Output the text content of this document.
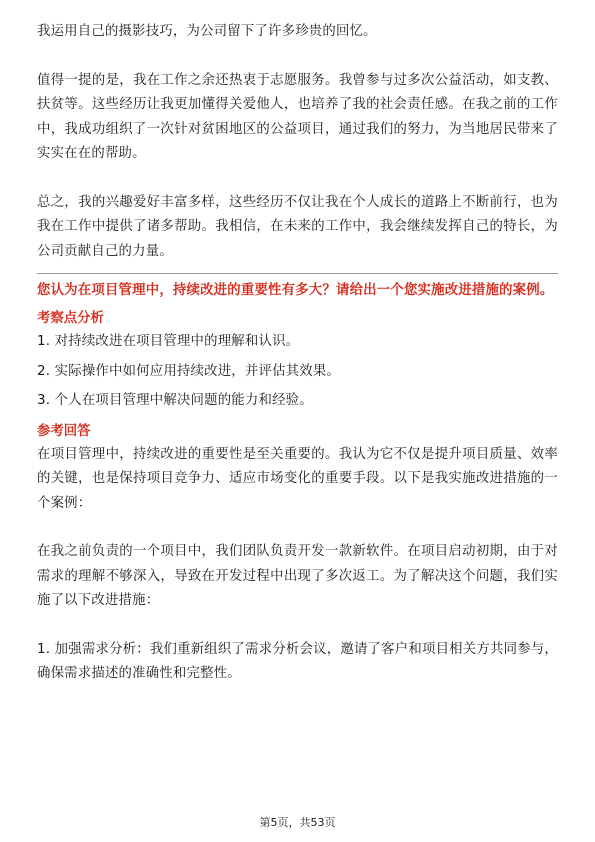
我运用自己的摄影技巧，为公司留下了许多珍贵的回忆。

值得一提的是，我在工作之余还热衷于志愿服务。我曾参与过多次公益活动，如支教、扶贫等。这些经历让我更加懂得关爱他人，也培养了我的社会责任感。在我之前的工作中，我成功组织了一次针对贫困地区的公益项目，通过我们的努力，为当地居民带来了实实在在的帮助。

总之，我的兴趣爱好丰富多样，这些经历不仅让我在个人成长的道路上不断前行，也为我在工作中提供了诸多帮助。我相信，在未来的工作中，我会继续发挥自己的特长，为公司贡献自己的力量。

您认为在项目管理中，持续改进的重要性有多大？请给出一个您实施改进措施的案例。
考察点分析
1. 对持续改进在项目管理中的理解和认识。
2. 实际操作中如何应用持续改进，并评估其效果。
3. 个人在项目管理中解决问题的能力和经验。
参考回答

在项目管理中，持续改进的重要性是至关重要的。我认为它不仅是提升项目质量、效率的关键，也是保持项目竞争力、适应市场变化的重要手段。以下是我实施改进措施的一个案例：

在我之前负责的一个项目中，我们团队负责开发一款新软件。在项目启动初期，由于对需求的理解不够深入，导致在开发过程中出现了多次返工。为了解决这个问题，我们实施了以下改进措施：

1. 加强需求分析：我们重新组织了需求分析会议，邀请了客户和项目相关方共同参与，确保需求描述的准确性和完整性。

第5页，共53页
